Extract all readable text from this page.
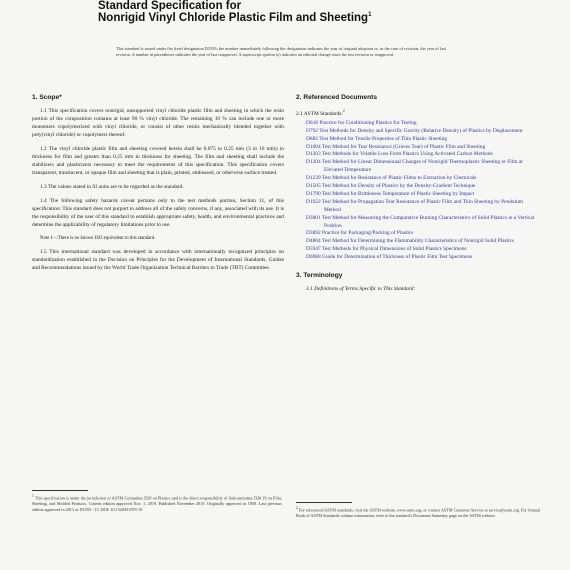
Standard Specification for
Nonrigid Vinyl Chloride Plastic Film and Sheeting$^1$
This standard is issued under the fixed designation D1593; the number immediately following the designation indicates the year of original adoption or, in the case of revision, the year of last revision. A number in parentheses indicates the year of last reapproval. A superscript epsilon (ε) indicates an editorial change since the last revision or reapproval.
1. Scope*

1.1 This specification covers nonrigid, unsupported vinyl chloride plastic film and sheeting in which the resin portion of the composition contains at least 90 % vinyl chloride. The remaining 10 % can include one or more monomers copolymerized with vinyl chloride, or consist of other resins mechanically blended together with poly(vinyl chloride) or copolymers thereof.

1.2 The vinyl chloride plastic film and sheeting covered herein shall be 0.075 to 0.25 mm (3 to 10 mils) in thickness for film and greater than 0.25 mm in thickness for sheeting. The film and sheeting shall include the stabilizers and plasticizers necessary to meet the requirements of this specification. This specification covers transparent, translucent, or opaque film and sheeting that is plain, printed, embossed, or otherwise surface treated.

1.3 The values stated in SI units are to be regarded as the standard.

1.4 The following safety hazards caveat pertains only to the test methods portion, Section 11, of this specification: This standard does not purport to address all of the safety concerns, if any, associated with its use. It is the responsibility of the user of this standard to establish appropriate safety, health, and environmental practices and determine the applicability of regulatory limitations prior to use.

Note 1—There is no known ISO equivalent to this standard.

1.5 This international standard was developed in accordance with internationally recognized principles on standardization established in the Decision on Principles for the Development of International Standards, Guides and Recommendations issued by the World Trade Organization Technical Barriers to Trade (TBT) Committee.

2. Referenced Documents
2.1 ASTM Standards:$^2$
D618 Practice for Conditioning Plastics for Testing
D792 Test Methods for Density and Specific Gravity (Relative Density) of Plastics by Displacement
D882 Test Method for Tensile Properties of Thin Plastic Sheeting
D1004 Test Method for Tear Resistance (Graves Tear) of Plastic Film and Sheeting
D1203 Test Methods for Volatile Loss From Plastics Using Activated Carbon Methods
D1204 Test Method for Linear Dimensional Changes of Nonrigid Thermoplastic Sheeting or Film at Elevated Temperature
D1239 Test Method for Resistance of Plastic Films to Extraction by Chemicals
D1505 Test Method for Density of Plastics by the Density-Gradient Technique
D1790 Test Method for Brittleness Temperature of Plastic Sheeting by Impact
D1922 Test Method for Propagation Tear Resistance of Plastic Film and Thin Sheeting by Pendulum Method
D3801 Test Method for Measuring the Comparative Burning Characteristics of Solid Plastics in a Vertical Position
D3892 Practice for Packaging/Packing of Plastics
D4804 Test Method for Determining the Flammability Characteristics of Nonrigid Solid Plastics
D5947 Test Methods for Physical Dimensions of Solid Plastics Specimens
D6988 Guide for Determination of Thickness of Plastic Film Test Specimens
3. Terminology
3.1 Definitions of Terms Specific to This Standard:
1 This specification is under the jurisdiction of ASTM Committee D20 on Plastics and is the direct responsibility of Subcommittee D20.19 on Film, Sheeting, and Molded Products. Current edition approved Nov. 1, 2019. Published November 2019. Originally approved in 1958. Last previous edition approved in 2013 as D1593 - 13. DOI: 10.1520/D1593-19.	2 For referenced ASTM standards, visit the ASTM website, www.astm.org, or contact ASTM Customer Service at service@astm.org. For Annual Book of ASTM Standards volume information, refer to the standard's Document Summary page on the ASTM website.
